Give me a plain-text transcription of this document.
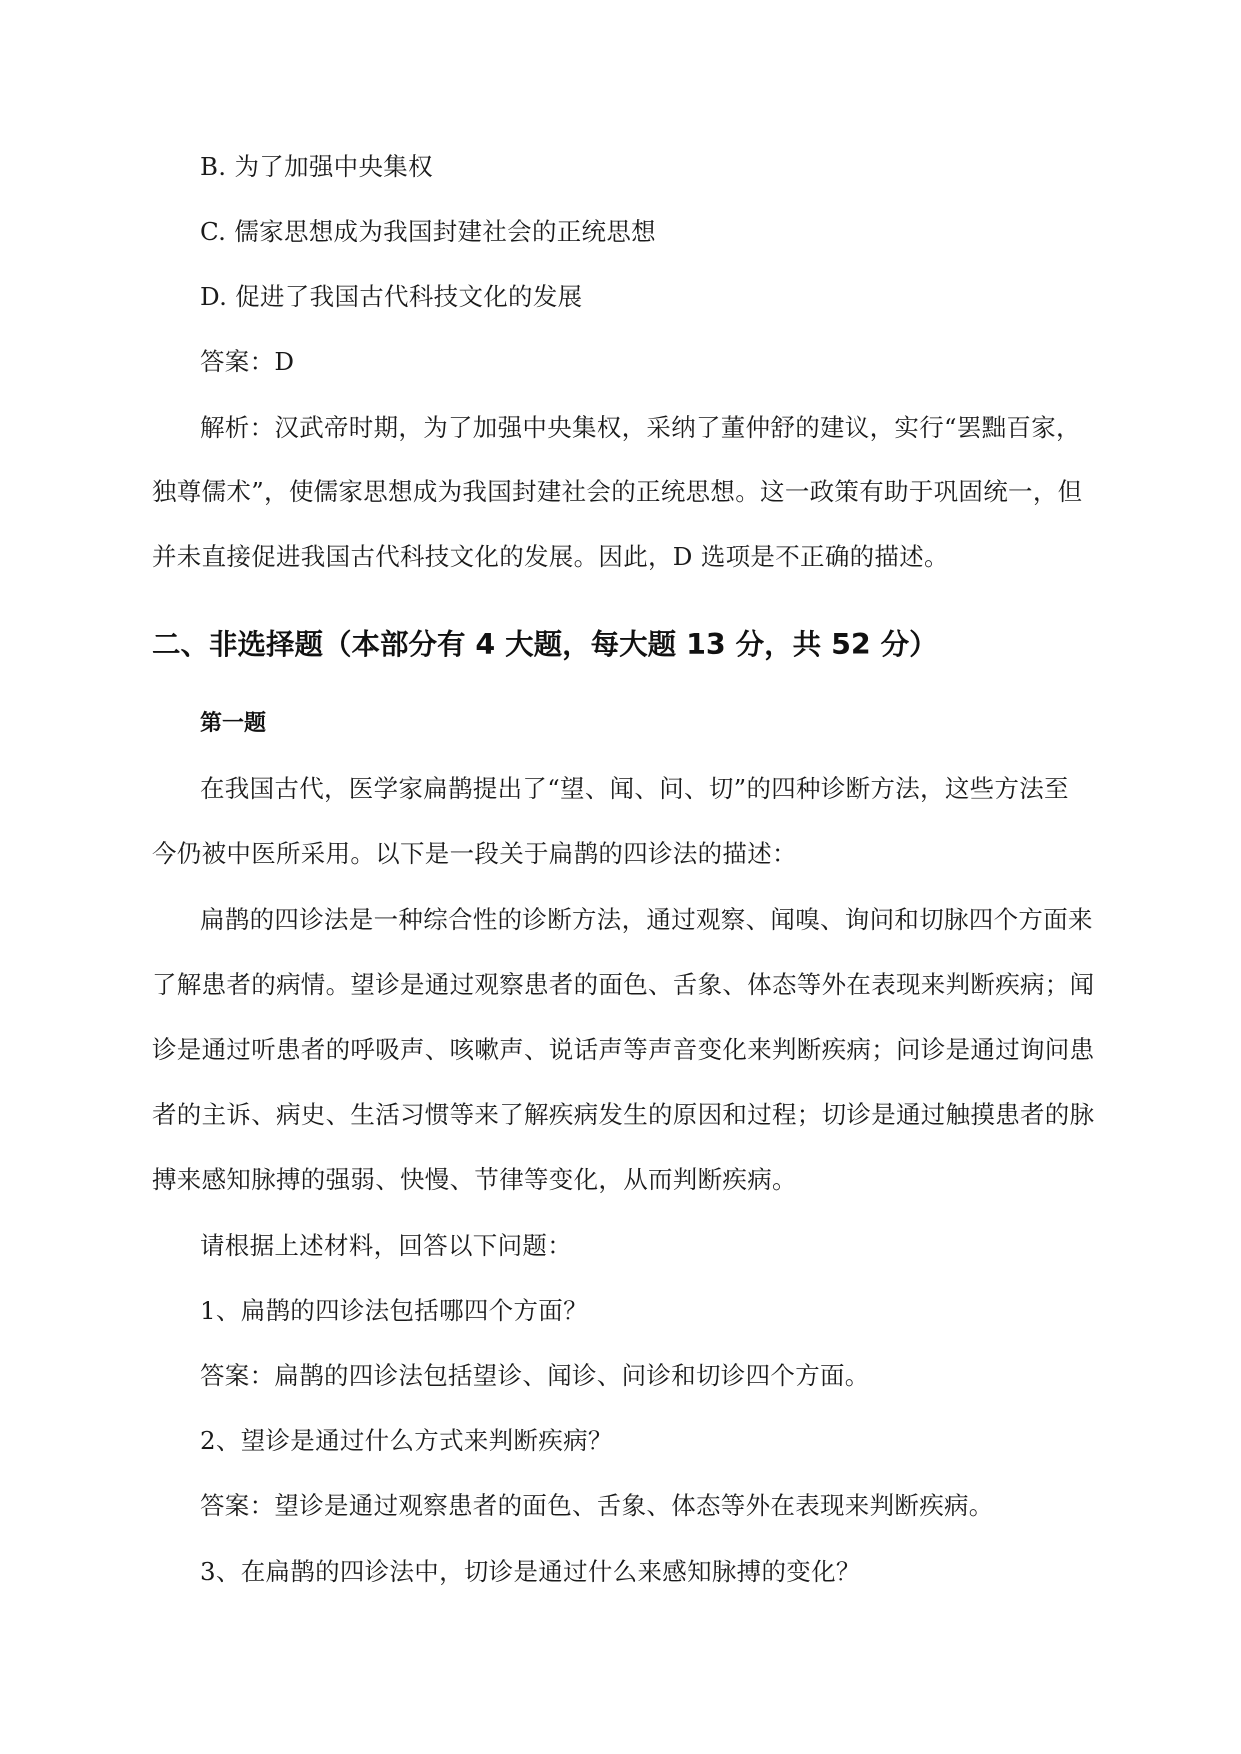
B. 为了加强中央集权
C. 儒家思想成为我国封建社会的正统思想
D. 促进了我国古代科技文化的发展
答案：D
解析：汉武帝时期，为了加强中央集权，采纳了董仲舒的建议，实行“罢黜百家，
独尊儒术”，使儒家思想成为我国封建社会的正统思想。这一政策有助于巩固统一，但
并未直接促进我国古代科技文化的发展。因此，D 选项是不正确的描述。
二、非选择题（本部分有 4 大题，每大题 13 分，共 52 分）
第一题
在我国古代，医学家扁鹊提出了“望、闻、问、切”的四种诊断方法，这些方法至
今仍被中医所采用。以下是一段关于扁鹊的四诊法的描述：
扁鹊的四诊法是一种综合性的诊断方法，通过观察、闻嗅、询问和切脉四个方面来
了解患者的病情。望诊是通过观察患者的面色、舌象、体态等外在表现来判断疾病；闻
诊是通过听患者的呼吸声、咳嗽声、说话声等声音变化来判断疾病；问诊是通过询问患
者的主诉、病史、生活习惯等来了解疾病发生的原因和过程；切诊是通过触摸患者的脉
搏来感知脉搏的强弱、快慢、节律等变化，从而判断疾病。
请根据上述材料，回答以下问题：
1、扁鹊的四诊法包括哪四个方面？
答案：扁鹊的四诊法包括望诊、闻诊、问诊和切诊四个方面。
2、望诊是通过什么方式来判断疾病？
答案：望诊是通过观察患者的面色、舌象、体态等外在表现来判断疾病。
3、在扁鹊的四诊法中，切诊是通过什么来感知脉搏的变化？
